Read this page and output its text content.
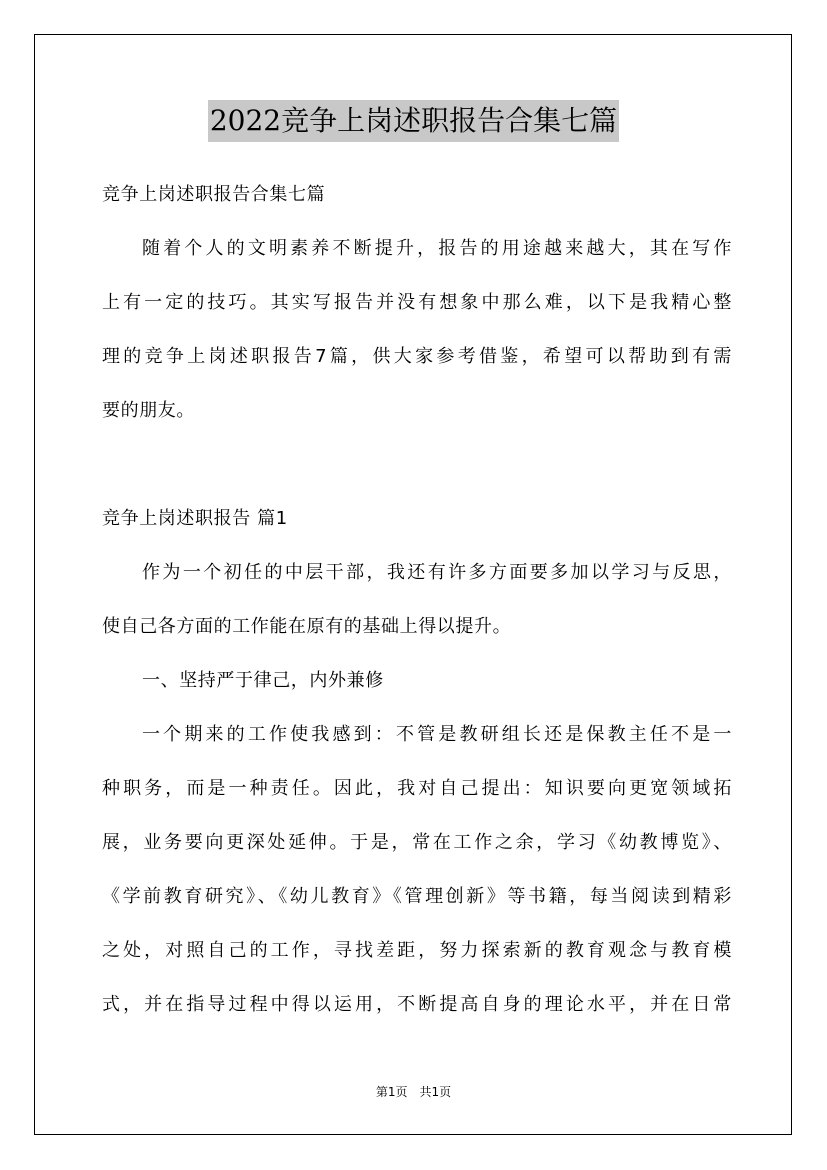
2022竞争上岗述职报告合集七篇
竞争上岗述职报告合集七篇
随着个人的文明素养不断提升，报告的用途越来越大，其在写作
上有一定的技巧。其实写报告并没有想象中那么难，以下是我精心整
理的竞争上岗述职报告7篇，供大家参考借鉴，希望可以帮助到有需
要的朋友。
竞争上岗述职报告 篇1
作为一个初任的中层干部，我还有许多方面要多加以学习与反思，
使自己各方面的工作能在原有的基础上得以提升。
一、坚持严于律己，内外兼修
一个期来的工作使我感到：不管是教研组长还是保教主任不是一
种职务，而是一种责任。因此，我对自己提出：知识要向更宽领域拓
展，业务要向更深处延伸。于是，常在工作之余，学习《幼教博览》、
《学前教育研究》、《幼儿教育》《管理创新》等书籍，每当阅读到精彩
之处，对照自己的工作，寻找差距，努力探索新的教育观念与教育模
式，并在指导过程中得以运用，不断提高自身的理论水平，并在日常
第1页　共1页
